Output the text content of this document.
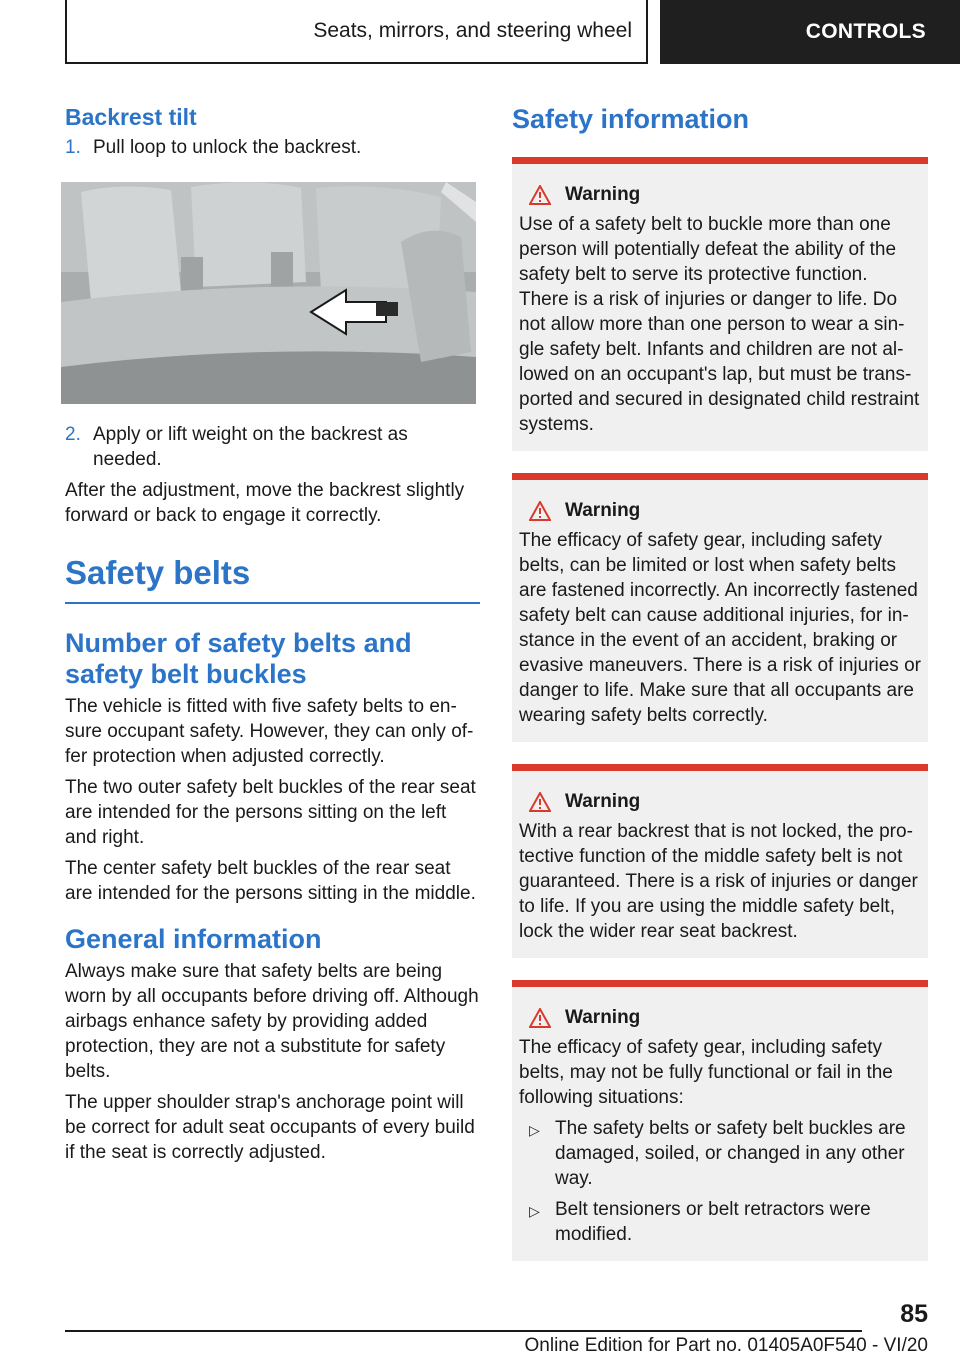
Seats, mirrors, and steering wheel	CONTROLS
Backrest tilt
1. Pull loop to unlock the backrest.
2. Apply or lift weight on the backrest as needed.

After the adjustment, move the backrest slightly forward or back to engage it correctly.

Safety belts
Number of safety belts and safety belt buckles

The vehicle is fitted with five safety belts to ensure occupant safety. However, they can only offer protection when adjusted correctly.

The two outer safety belt buckles of the rear seat are intended for the persons sitting on the left and right.

The center safety belt buckles of the rear seat are intended for the persons sitting in the middle.

General information

Always make sure that safety belts are being worn by all occupants before driving off. Although airbags enhance safety by providing added protection, they are not a substitute for safety belts.

The upper shoulder strap's anchorage point will be correct for adult seat occupants of every build if the seat is correctly adjusted.

Safety information
Warning

Use of a safety belt to buckle more than one person will potentially defeat the ability of the safety belt to serve its protective function. There is a risk of injuries or danger to life. Do not allow more than one person to wear a single safety belt. Infants and children are not allowed on an occupant's lap, but must be transported and secured in designated child restraint systems.

Warning

The efficacy of safety gear, including safety belts, can be limited or lost when safety belts are fastened incorrectly. An incorrectly fastened safety belt can cause additional injuries, for instance in the event of an accident, braking or evasive maneuvers. There is a risk of injuries or danger to life. Make sure that all occupants are wearing safety belts correctly.

Warning

With a rear backrest that is not locked, the protective function of the middle safety belt is not guaranteed. There is a risk of injuries or danger to life. If you are using the middle safety belt, lock the wider rear seat backrest.

Warning

The efficacy of safety gear, including safety belts, may not be fully functional or fail in the following situations:

▷ The safety belts or safety belt buckles are damaged, soiled, or changed in any other way.
▷ Belt tensioners or belt retractors were modified.
85
Online Edition for Part no. 01405A0F540 - VI/20
